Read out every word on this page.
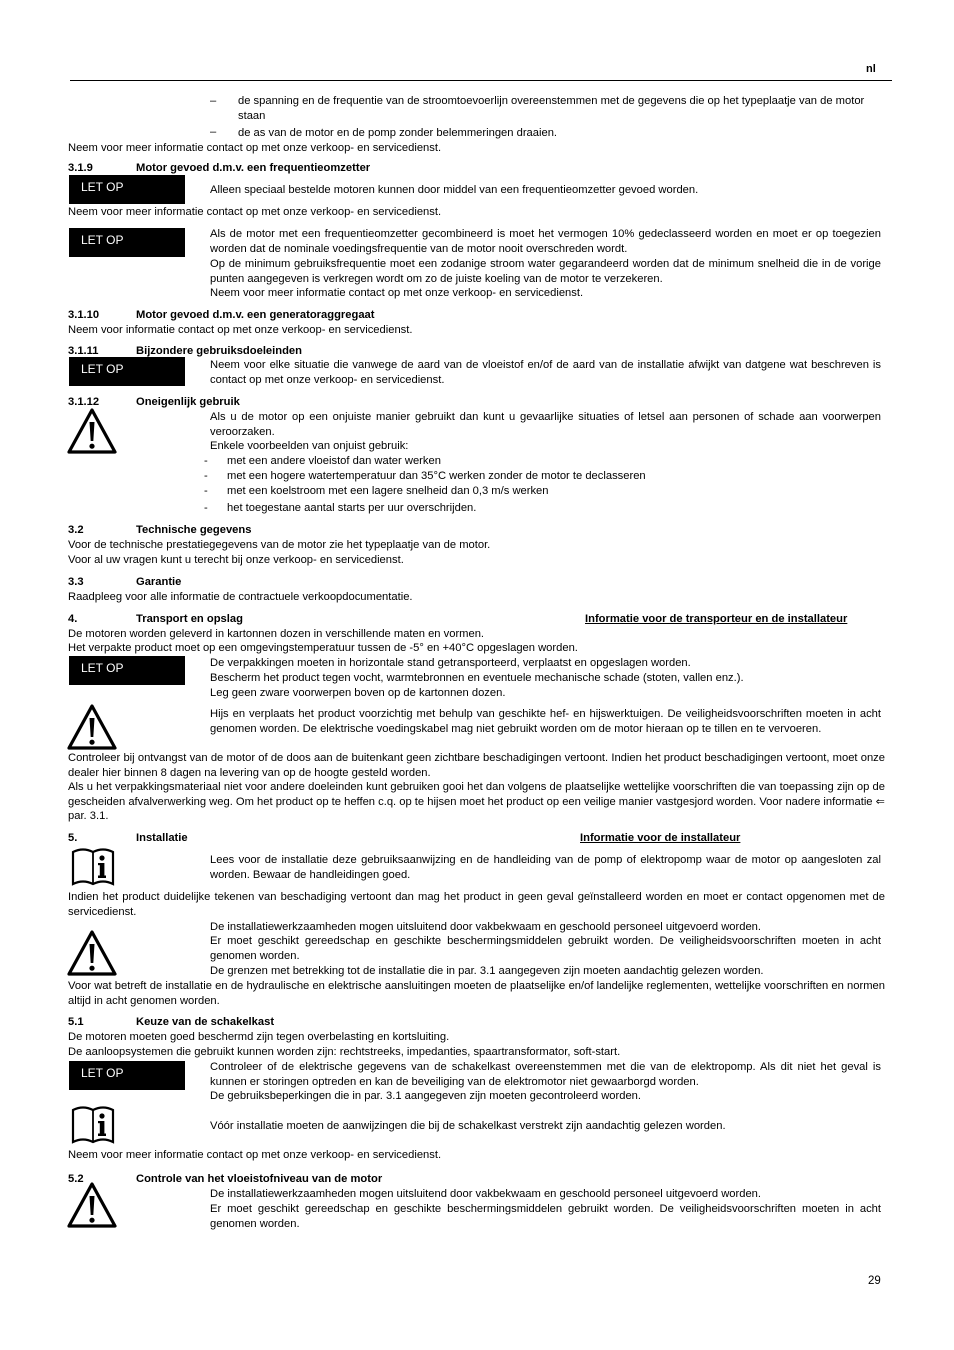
nl
– de spanning en de frequentie van de stroomtoevoerlijn overeenstemmen met de gegevens die op het typeplaatje van de motor staan
– de as van de motor en de pomp zonder belemmeringen draaien.
Neem voor meer informatie contact op met onze verkoop- en servicedienst.
3.1.9	Motor gevoed d.m.v. een frequentieomzetter
LET OP	Alleen speciaal bestelde motoren kunnen door middel van een frequentieomzetter gevoed worden.
Neem voor meer informatie contact op met onze verkoop- en servicedienst.
LET OP	Als de motor met een frequentieomzetter gecombineerd is moet het vermogen 10% gedeclasseerd worden en moet er op toegezien worden dat de nominale voedingsfrequentie van de motor nooit overschreden wordt.
Op de minimum gebruiksfrequentie moet een zodanige stroom water gegarandeerd worden dat de minimum snelheid die in de vorige punten aangegeven is verkregen wordt om zo de juiste koeling van de motor te verzekeren.
Neem voor meer informatie contact op met onze verkoop- en servicedienst.
3.1.10	Motor gevoed d.m.v. een generatoraggregaat
Neem voor informatie contact op met onze verkoop- en servicedienst.
3.1.11	Bijzondere gebruiksdoeleinden
LET OP	Neem voor elke situatie die vanwege de aard van de vloeistof en/of de aard van de installatie afwijkt van datgene wat beschreven is contact op met onze verkoop- en servicedienst.
3.1.12	Oneigenlijk gebruik
Als u de motor op een onjuiste manier gebruikt dan kunt u gevaarlijke situaties of letsel aan personen of schade aan voorwerpen veroorzaken.
Enkele voorbeelden van onjuist gebruik:
- met een andere vloeistof dan water werken
- met een hogere watertemperatuur dan 35°C werken zonder de motor te declasseren
- met een koelstroom met een lagere snelheid dan 0,3 m/s werken
- het toegestane aantal starts per uur overschrijden.
3.2	Technische gegevens
Voor de technische prestatiegegevens van de motor zie het typeplaatje van de motor.
Voor al uw vragen kunt u terecht bij onze verkoop- en servicedienst.
3.3	Garantie
Raadpleeg voor alle informatie de contractuele verkoopdocumentatie.
4.	Transport en opslag	Informatie voor de transporteur en de installateur
De motoren worden geleverd in kartonnen dozen in verschillende maten en vormen.
Het verpakte product moet op een omgevingstemperatuur tussen de -5° en +40°C opgeslagen worden.
LET OP	De verpakkingen moeten in horizontale stand getransporteerd, verplaatst en opgeslagen worden.
Bescherm het product tegen vocht, warmtebronnen en eventuele mechanische schade (stoten, vallen enz.).
Leg geen zware voorwerpen boven op de kartonnen dozen.
Hijs en verplaats het product voorzichtig met behulp van geschikte hef- en hijswerktuigen. De veiligheidsvoorschriften moeten in acht genomen worden. De elektrische voedingskabel mag niet gebruikt worden om de motor hieraan op te tillen en te vervoeren.
Controleer bij ontvangst van de motor of de doos aan de buitenkant geen zichtbare beschadigingen vertoont. Indien het product beschadigingen vertoont, moet onze dealer hier binnen 8 dagen na levering van op de hoogte gesteld worden.
Als u het verpakkingsmateriaal niet voor andere doeleinden kunt gebruiken gooi het dan volgens de plaatselijke wettelijke voorschriften die van toepassing zijn op de gescheiden afvalverwerking weg. Om het product op te heffen c.q. op te hijsen moet het product op een veilige manier vastgesjord worden. Voor nadere informatie ⇐ par. 3.1.
5.	Installatie	Informatie voor de installateur
Lees voor de installatie deze gebruiksaanwijzing en de handleiding van de pomp of elektropomp waar de motor op aangesloten zal worden. Bewaar de handleidingen goed.
Indien het product duidelijke tekenen van beschadiging vertoont dan mag het product in geen geval geïnstalleerd worden en moet er contact opgenomen met de servicedienst.
De installatiewerkzaamheden mogen uitsluitend door vakbekwaam en geschoold personeel uitgevoerd worden.
Er moet geschikt gereedschap en geschikte beschermingsmiddelen gebruikt worden. De veiligheidsvoorschriften moeten in acht genomen worden.
De grenzen met betrekking tot de installatie die in par. 3.1 aangegeven zijn moeten aandachtig gelezen worden.
Voor wat betreft de installatie en de hydraulische en elektrische aansluitingen moeten de plaatselijke en/of landelijke reglementen, wettelijke voorschriften en normen altijd in acht genomen worden.
5.1	Keuze van de schakelkast
De motoren moeten goed beschermd zijn tegen overbelasting en kortsluiting.
De aanloopsystemen die gebruikt kunnen worden zijn: rechtstreeks, impedanties, spaartransformator, soft-start.
LET OP	Controleer of de elektrische gegevens van de schakelkast overeenstemmen met die van de elektropomp. Als dit niet het geval is kunnen er storingen optreden en kan de beveiliging van de elektromotor niet gewaarborgd worden.
De gebruiksbeperkingen die in par. 3.1 aangegeven zijn moeten gecontroleerd worden.
Vóór installatie moeten de aanwijzingen die bij de schakelkast verstrekt zijn aandachtig gelezen worden.
Neem voor meer informatie contact op met onze verkoop- en servicedienst.
5.2	Controle van het vloeistofniveau van de motor
De installatiewerkzaamheden mogen uitsluitend door vakbekwaam en geschoold personeel uitgevoerd worden.
Er moet geschikt gereedschap en geschikte beschermingsmiddelen gebruikt worden. De veiligheidsvoorschriften moeten in acht genomen worden.
29
